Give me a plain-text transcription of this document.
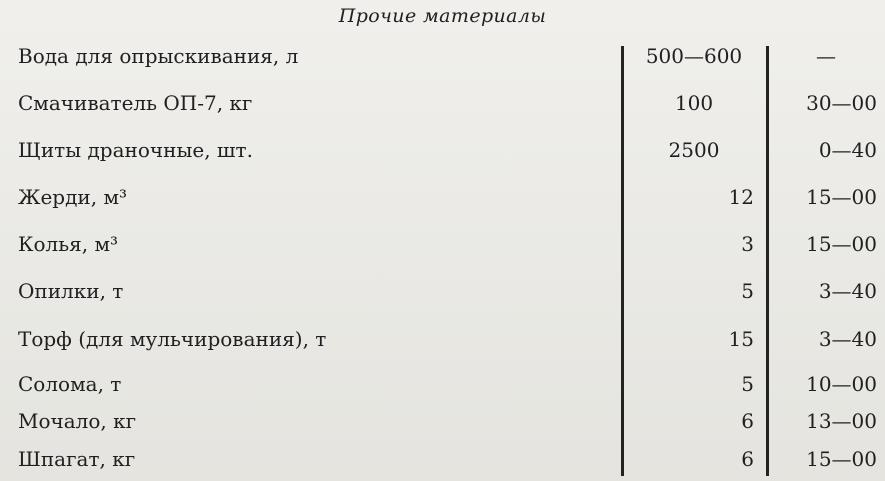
Прочие материалы
Вода для опрыскивания, л	500—600	—
Смачиватель ОП-7, кг	100	30—00
Щиты драночные, шт.	2500	0—40
Жерди, м³	12	15—00
Колья, м³	3	15—00
Опилки, т	5	3—40
Торф (для мульчирования), т	15	3—40
Солома, т	5	10—00
Мочало, кг	6	13—00
Шпагат, кг	6	15—00
